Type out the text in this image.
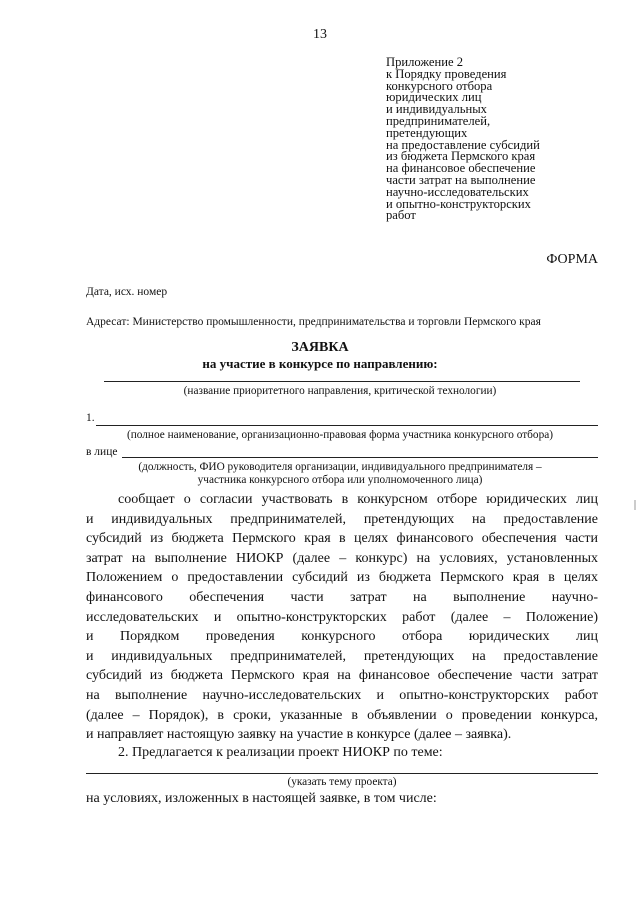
13
Приложение 2
к Порядку проведения
конкурсного отбора
юридических лиц
и индивидуальных
предпринимателей,
претендующих
на предоставление субсидий
из бюджета Пермского края
на финансовое обеспечение
части затрат на выполнение
научно-исследовательских
и опытно-конструкторских
работ
ФОРМА
Дата, исх. номер
Адресат: Министерство промышленности, предпринимательства и торговли Пермского края
ЗАЯВКА
на участие в конкурсе по направлению:
(название приоритетного направления, критической технологии)
1.
(полное наименование, организационно-правовая форма участника конкурсного отбора)
в лице
(должность, ФИО руководителя организации, индивидуального предпринимателя –
участника конкурсного отбора или уполномоченного лица)
сообщает о согласии участвовать в конкурсном отборе юридических лиц
и индивидуальных предпринимателей, претендующих на предоставление
субсидий из бюджета Пермского края в целях финансового обеспечения части
затрат на выполнение НИОКР (далее – конкурс) на условиях, установленных
Положением о предоставлении субсидий из бюджета Пермского края в целях
финансового обеспечения части затрат на выполнение научно-
исследовательских и опытно-конструкторских работ (далее – Положение)
и Порядком проведения конкурсного отбора юридических лиц
и индивидуальных предпринимателей, претендующих на предоставление
субсидий из бюджета Пермского края на финансовое обеспечение части затрат
на выполнение научно-исследовательских и опытно-конструкторских работ
(далее – Порядок), в сроки, указанные в объявлении о проведении конкурса,
и направляет настоящую заявку на участие в конкурсе (далее – заявка).
2. Предлагается к реализации проект НИОКР по теме:
(указать тему проекта)
на условиях, изложенных в настоящей заявке, в том числе:
